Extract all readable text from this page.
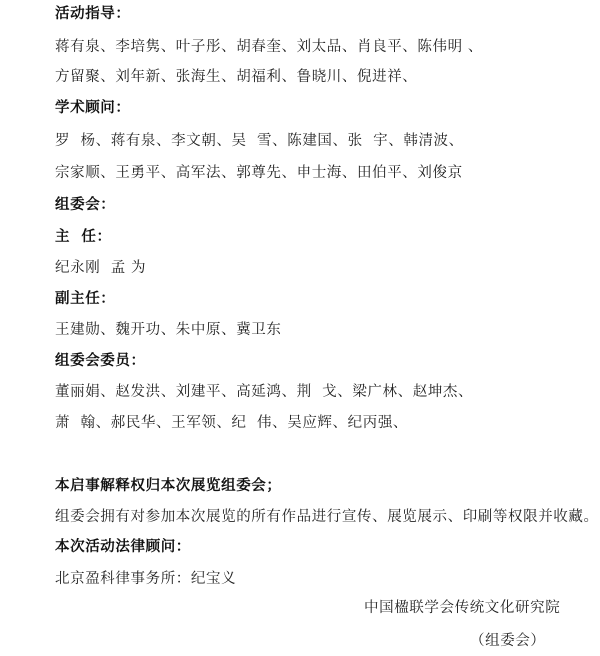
活动指导：
蒋有泉、李培隽、叶子彤、胡春奎、刘太品、肖良平、陈伟明 、
方留聚、刘年新、张海生、胡福利、鲁晓川、倪进祥、
学术顾问：
罗  杨、蒋有泉、李文朝、吴  雪、陈建国、张  宇、韩清波、
宗家顺、王勇平、高军法、郭尊先、申士海、田伯平、刘俊京
组委会：
主  任：
纪永刚  孟 为
副主任：
王建勋、魏开功、朱中原、冀卫东
组委会委员：
董丽娟、赵发洪、刘建平、高延鸿、荆  戈、梁广林、赵坤杰、
萧  翰、郝民华、王军领、纪  伟、吴应辉、纪丙强、
本启事解释权归本次展览组委会；
组委会拥有对参加本次展览的所有作品进行宣传、展览展示、印刷等权限并收藏。
本次活动法律顾问：
北京盈科律事务所：纪宝义
中国楹联学会传统文化研究院
（组委会）
